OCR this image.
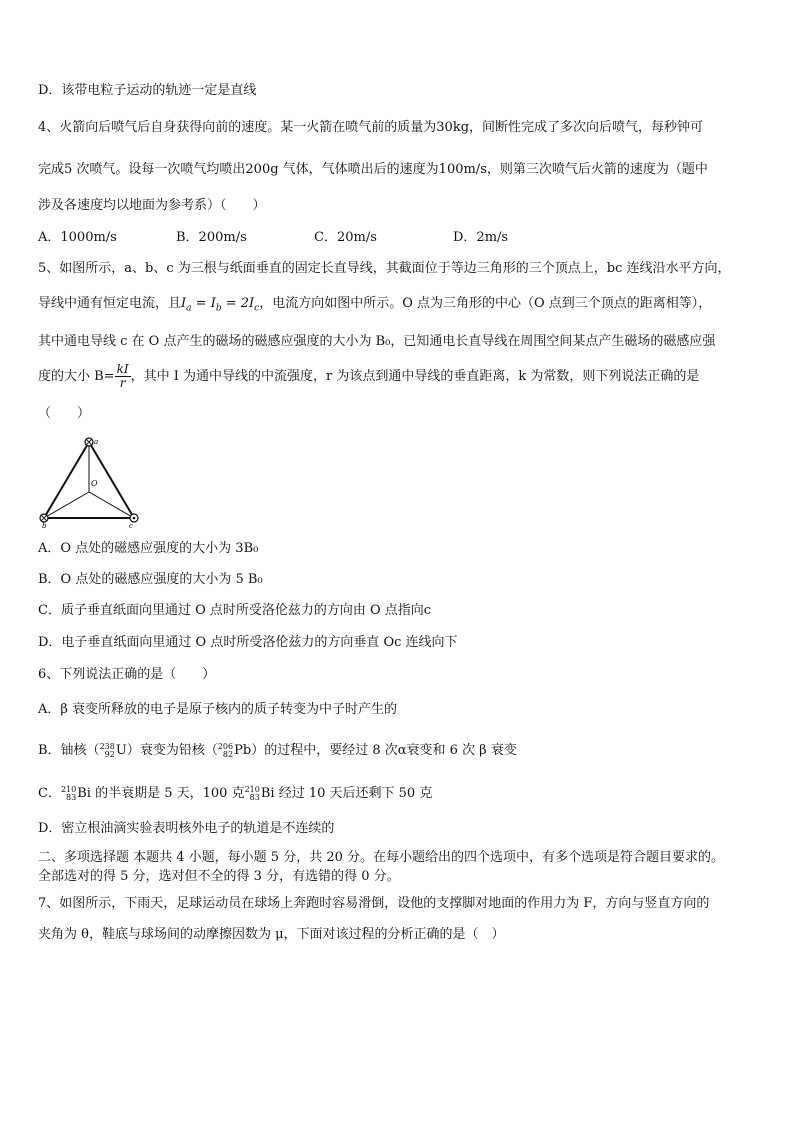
D．该带电粒子运动的轨迹一定是直线
4、火箭向后喷气后自身获得向前的速度。某一火箭在喷气前的质量为30kg，间断性完成了多次向后喷气，每秒钟可
完成5 次喷气。设每一次喷气均喷出200g 气体，气体喷出后的速度为100m/s，则第三次喷气后火箭的速度为（题中
涉及各速度均以地面为参考系）（　　）
A．1000m/s	B．200m/s	C．20m/s	D．2m/s
5、如图所示，a、b、c 为三根与纸面垂直的固定长直导线，其截面位于等边三角形的三个顶点上，bc 连线沿水平方向，
导线中通有恒定电流，且$I_a = I_b = 2I_c$，电流方向如图中所示。O 点为三角形的中心（O 点到三个顶点的距离相等），
其中通电导线 c 在 O 点产生的磁场的磁感应强度的大小为 B₀，已知通电长直导线在周围空间某点产生磁场的磁感应强
度的大小 $B= \frac{kI}{r}$ ，其中 I 为通中导线的中流强度，r 为该点到通中导线的垂直距离，k 为常数，则下列说法正确的是
（　　）
a
b	c
O
A．O 点处的磁感应强度的大小为 3B₀
B．O 点处的磁感应强度的大小为 5 B₀
C．质子垂直纸面向里通过 O 点时所受洛伦兹力的方向由 O 点指向c
D．电子垂直纸面向里通过 O 点时所受洛伦兹力的方向垂直 Oc 连线向下
6、下列说法正确的是（　　）
A．β 衰变所释放的电子是原子核内的质子转变为中子时产生的
B．铀核（ 238
92 U）衰变为铅核（ 206
82 Pb）的过程中，要经过 8 次α衰变和 6 次 β 衰变
C． 210
83 Bi 的半衰期是 5 天，100 克 210
83 Bi 经过 10 天后还剩下 50 克
D．密立根油滴实验表明核外电子的轨道是不连续的
二、多项选择题 本题共 4 小题，每小题 5 分，共 20 分。在每小题给出的四个选项中，有多个选项是符合题目要求的。
全部选对的得 5 分，选对但不全的得 3 分，有选错的得 0 分。
7、如图所示，下雨天，足球运动员在球场上奔跑时容易滑倒，设他的支撑脚对地面的作用力为 F，方向与竖直方向的
夹角为 θ，鞋底与球场间的动摩擦因数为 μ，下面对该过程的分析正确的是（　）
